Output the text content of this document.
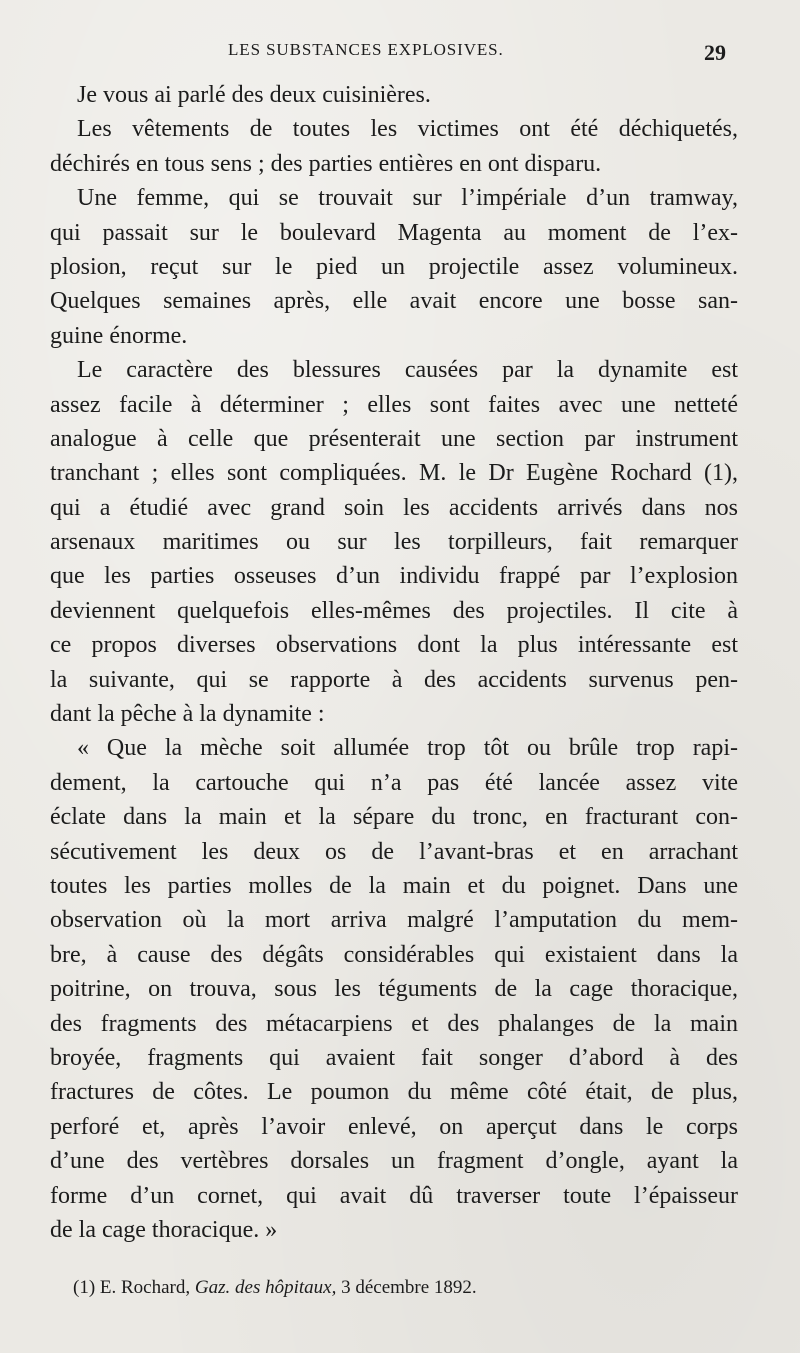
LES SUBSTANCES EXPLOSIVES.	29
Je vous ai parlé des deux cuisinières.
Les vêtements de toutes les victimes ont été déchiquetés,
déchirés en tous sens ; des parties entières en ont disparu.
Une femme, qui se trouvait sur l’impériale d’un tramway,
qui passait sur le boulevard Magenta au moment de l’ex-
plosion, reçut sur le pied un projectile assez volumineux.
Quelques semaines après, elle avait encore une bosse san-
guine énorme.
Le caractère des blessures causées par la dynamite est
assez facile à déterminer ; elles sont faites avec une netteté
analogue à celle que présenterait une section par instrument
tranchant ; elles sont compliquées. M. le Dr Eugène Rochard (1),
qui a étudié avec grand soin les accidents arrivés dans nos
arsenaux maritimes ou sur les torpilleurs, fait remarquer
que les parties osseuses d’un individu frappé par l’explosion
deviennent quelquefois elles-mêmes des projectiles. Il cite à
ce propos diverses observations dont la plus intéressante est
la suivante, qui se rapporte à des accidents survenus pen-
dant la pêche à la dynamite :
« Que la mèche soit allumée trop tôt ou brûle trop rapi-
dement, la cartouche qui n’a pas été lancée assez vite
éclate dans la main et la sépare du tronc, en fracturant con-
sécutivement les deux os de l’avant-bras et en arrachant
toutes les parties molles de la main et du poignet. Dans une
observation où la mort arriva malgré l’amputation du mem-
bre, à cause des dégâts considérables qui existaient dans la
poitrine, on trouva, sous les téguments de la cage thoracique,
des fragments des métacarpiens et des phalanges de la main
broyée, fragments qui avaient fait songer d’abord à des
fractures de côtes. Le poumon du même côté était, de plus,
perforé et, après l’avoir enlevé, on aperçut dans le corps
d’une des vertèbres dorsales un fragment d’ongle, ayant la
forme d’un cornet, qui avait dû traverser toute l’épaisseur
de la cage thoracique. »
(1) E. Rochard, Gaz. des hôpitaux, 3 décembre 1892.
